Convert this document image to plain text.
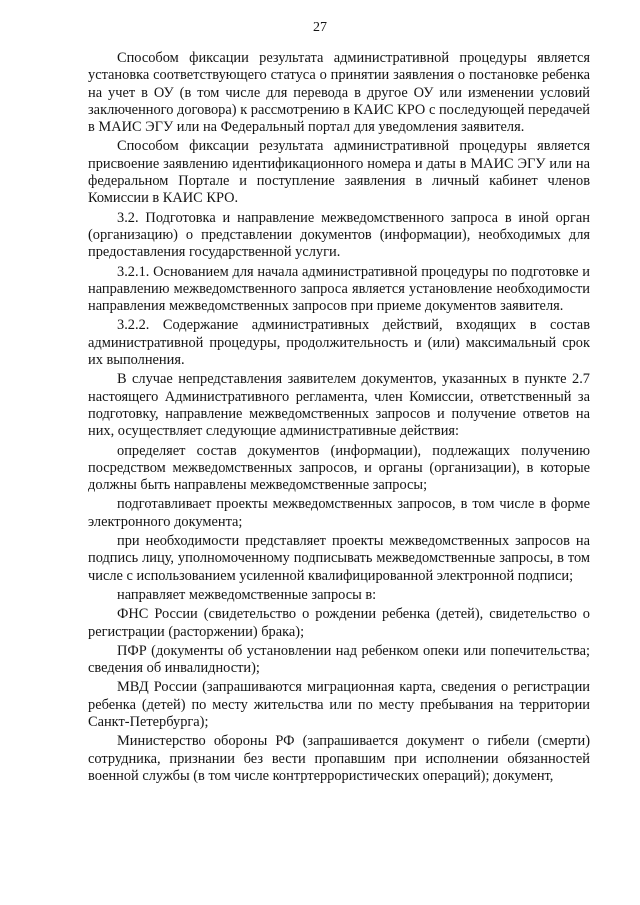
27

Способом фиксации результата административной процедуры является установка соответствующего статуса о принятии заявления о постановке ребенка на учет в ОУ (в том числе для перевода в другое ОУ или изменении условий заключенного договора) к рассмотрению в КАИС КРО с последующей передачей в МАИС ЭГУ или на Федеральный портал для уведомления заявителя.

Способом фиксации результата административной процедуры является присвоение заявлению идентификационного номера и даты в МАИС ЭГУ или на федеральном Портале и поступление заявления в личный кабинет членов Комиссии в КАИС КРО.

3.2. Подготовка и направление межведомственного запроса в иной орган (организацию) о представлении документов (информации), необходимых для предоставления государственной услуги.

3.2.1. Основанием для начала административной процедуры по подготовке и направлению межведомственного запроса является установление необходимости направления межведомственных запросов при приеме документов заявителя.

3.2.2. Содержание административных действий, входящих в состав административной процедуры, продолжительность и (или) максимальный срок их выполнения.

В случае непредставления заявителем документов, указанных в пункте 2.7 настоящего Административного регламента, член Комиссии, ответственный за подготовку, направление межведомственных запросов и получение ответов на них, осуществляет следующие административные действия:

определяет состав документов (информации), подлежащих получению посредством межведомственных запросов, и органы (организации), в которые должны быть направлены межведомственные запросы;

подготавливает проекты межведомственных запросов, в том числе в форме электронного документа;

при необходимости представляет проекты межведомственных запросов на подпись лицу, уполномоченному подписывать межведомственные запросы, в том числе с использованием усиленной квалифицированной электронной подписи;

направляет межведомственные запросы в:

ФНС России (свидетельство о рождении ребенка (детей), свидетельство о регистрации (расторжении) брака);

ПФР (документы об установлении над ребенком опеки или попечительства; сведения об инвалидности);

МВД России (запрашиваются миграционная карта, сведения о регистрации ребенка (детей) по месту жительства или по месту пребывания на территории Санкт-Петербурга);

Министерство обороны РФ (запрашивается документ о гибели (смерти) сотрудника, признании без вести пропавшим при исполнении обязанностей военной службы (в том числе контртеррористических операций); документ,
